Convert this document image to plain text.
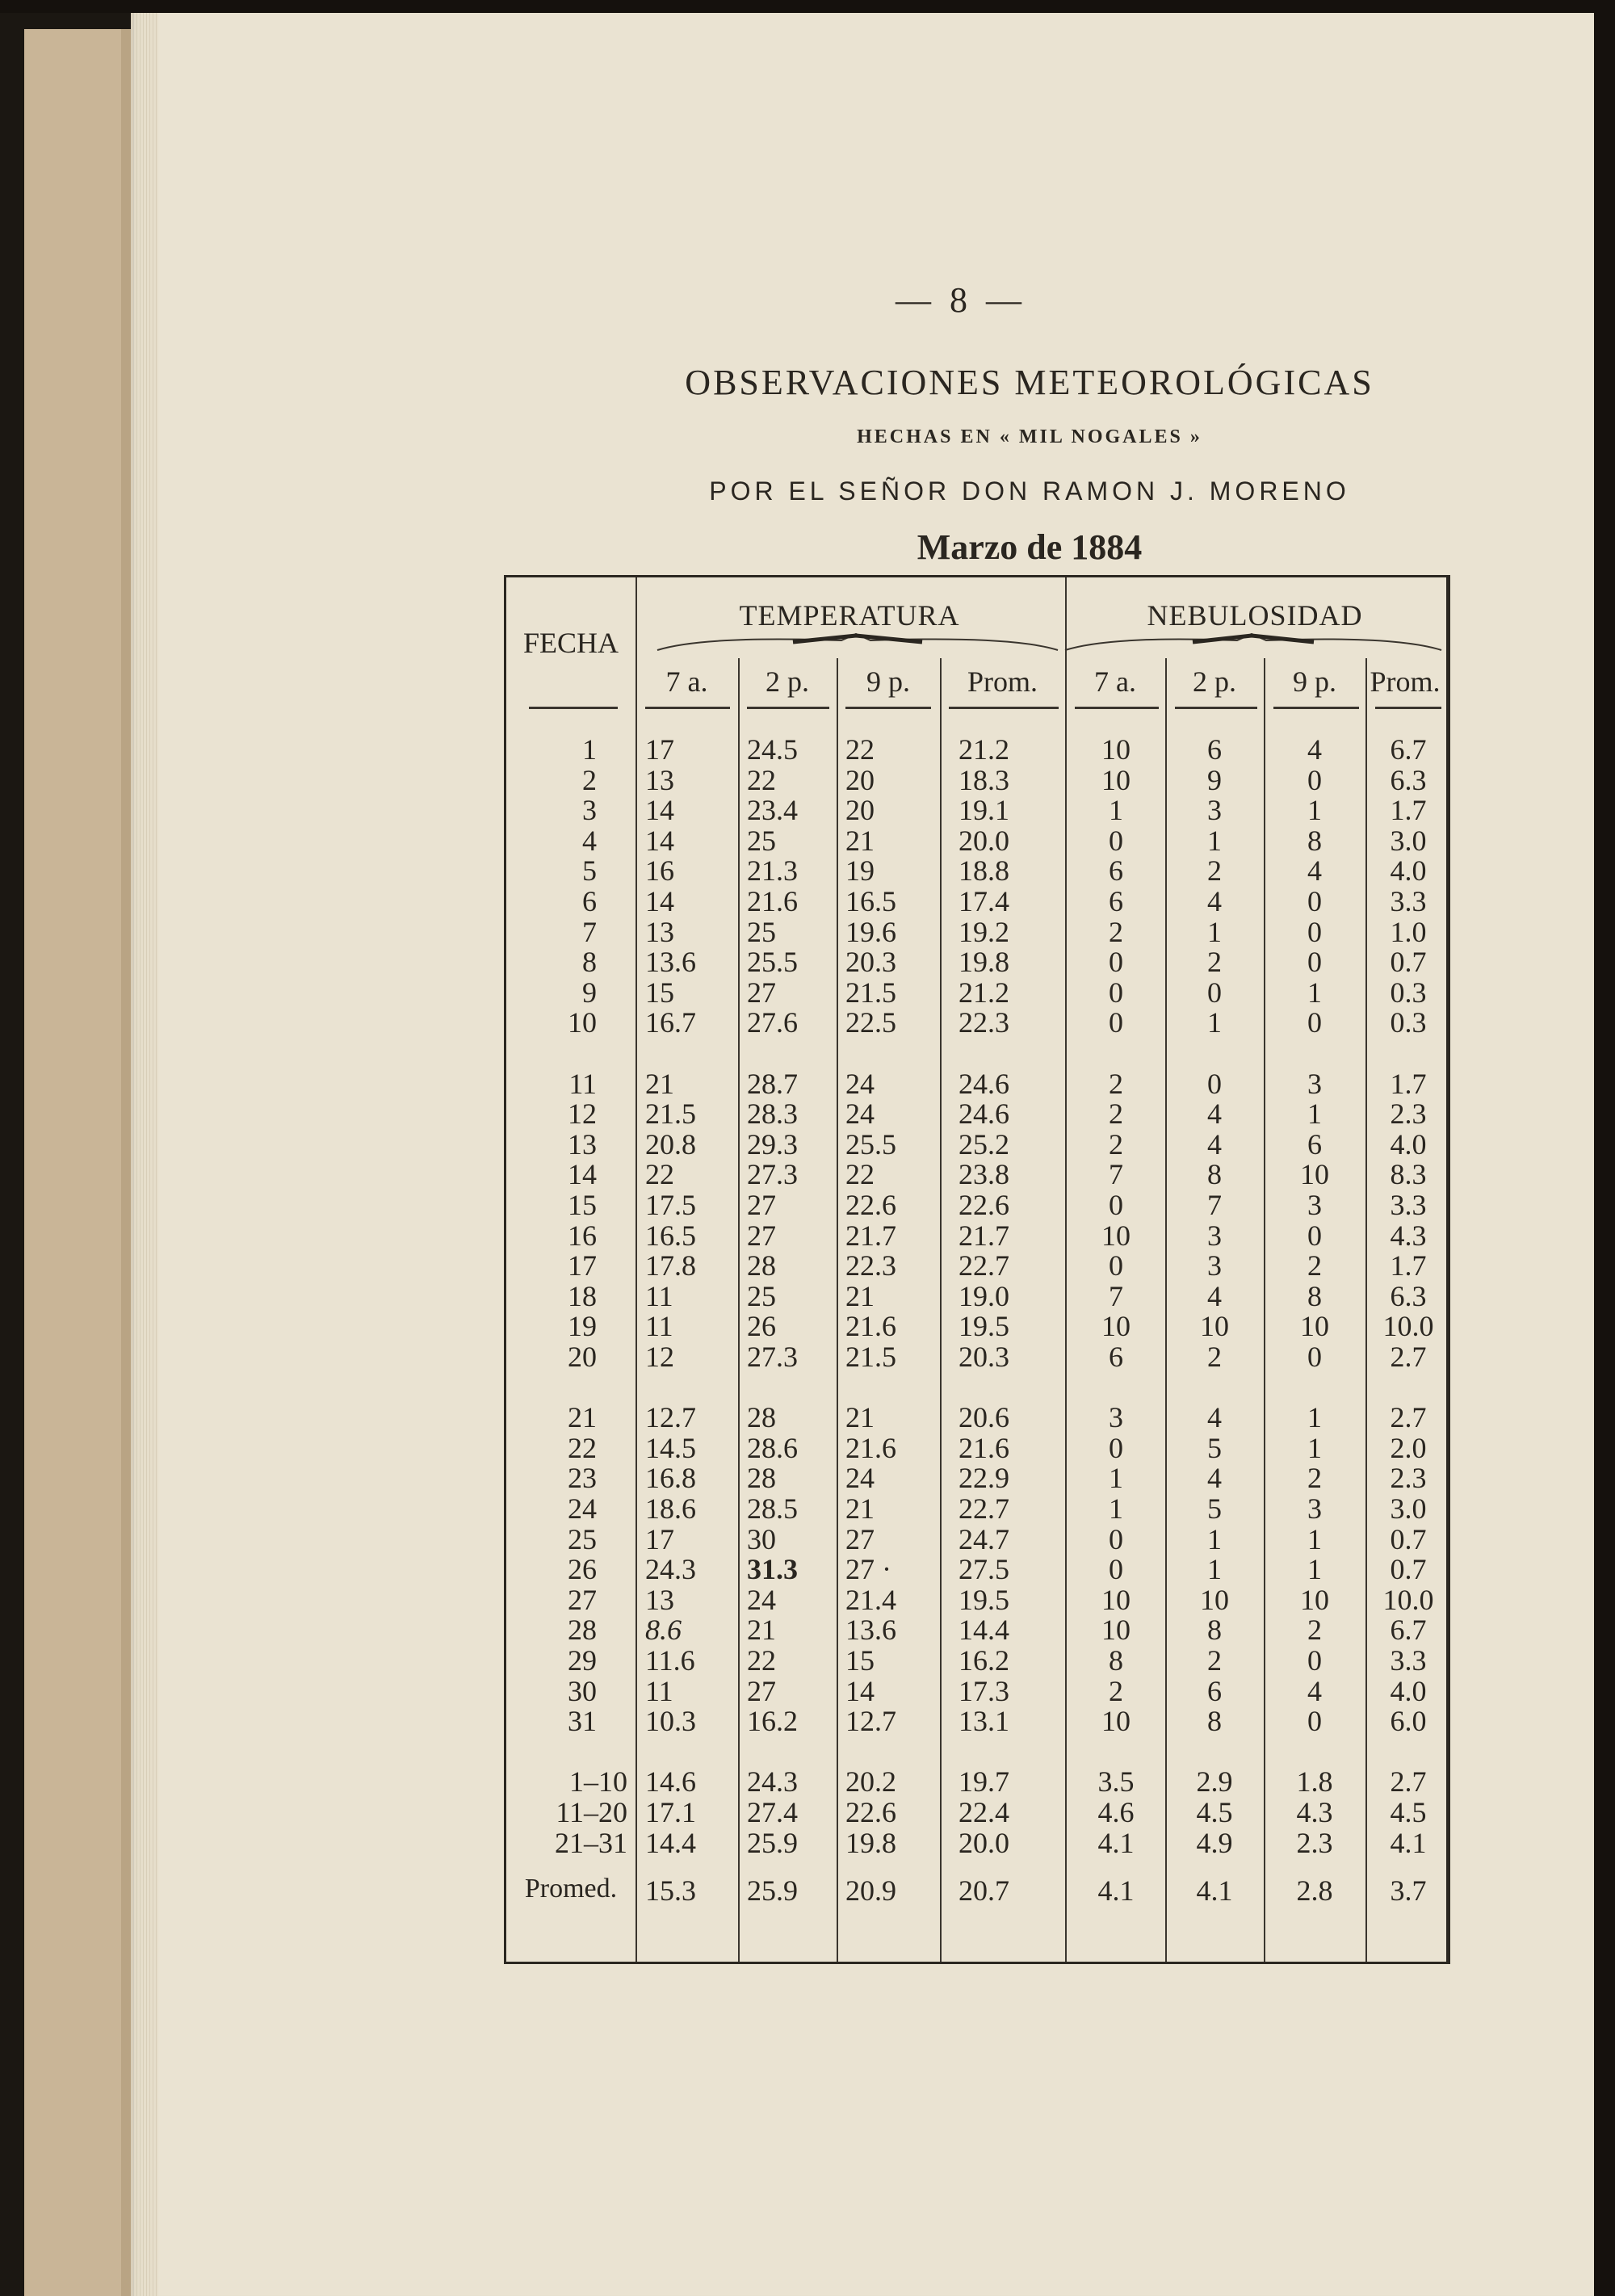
— 8 —
OBSERVACIONES METEOROLÓGICAS
HECHAS EN « MIL NOGALES »
POR EL SEÑOR DON RAMON J. MORENO
Marzo de 1884
FECHA
TEMPERATURA	NEBULOSIDAD
7 a.	2 p.	9 p.	Prom.	7 a.	2 p.	9 p.	Prom.
1 17	24.5	22	21.2	10	6	4	6.7
2 13	22	20	18.3	10	9	0	6.3
3 14	23.4	20	19.1	1	3	1	1.7
4 14	25	21	20.0	0	1	8	3.0
5 16	21.3	19	18.8	6	2	4	4.0
6 14	21.6	16.5	17.4	6	4	0	3.3
7 13	25	19.6	19.2	2	1	0	1.0
8 13.6	25.5	20.3	19.8	0	2	0	0.7
9 15	27	21.5	21.2	0	0	1	0.3
10 16.7	27.6	22.5	22.3	0	1	0	0.3
11 21	28.7	24	24.6	2	0	3	1.7
12 21.5	28.3	24	24.6	2	4	1	2.3
13 20.8	29.3	25.5	25.2	2	4	6	4.0
14 22	27.3	22	23.8	7	8	10	8.3
15 17.5	27	22.6	22.6	0	7	3	3.3
16 16.5	27	21.7	21.7	10	3	0	4.3
17 17.8	28	22.3	22.7	0	3	2	1.7
18 11	25	21	19.0	7	4	8	6.3
19 11	26	21.6	19.5	10	10	10	10.0
20 12	27.3	21.5	20.3	6	2	0	2.7
21 12.7	28	21	20.6	3	4	1	2.7
22 14.5	28.6	21.6	21.6	0	5	1	2.0
23 16.8	28	24	22.9	1	4	2	2.3
24 18.6	28.5	21	22.7	1	5	3	3.0
25 17	30	27	24.7	0	1	1	0.7
26 24.3	31.3	27 ·	27.5	0	1	1	0.7
27 13	24	21.4	19.5	10	10	10	10.0
28 8.6	21	13.6	14.4	10	8	2	6.7
29 11.6	22	15	16.2	8	2	0	3.3
30 11	27	14	17.3	2	6	4	4.0
31 10.3	16.2	12.7	13.1	10	8	0	6.0
1–10 14.6	24.3	20.2	19.7	3.5	2.9	1.8	2.7
11–20 17.1	27.4	22.6	22.4	4.6	4.5	4.3	4.5
21–31 14.4	25.9	19.8	20.0	4.1	4.9	2.3	4.1
Promed. 15.3	25.9	20.9	20.7	4.1	4.1	2.8	3.7
